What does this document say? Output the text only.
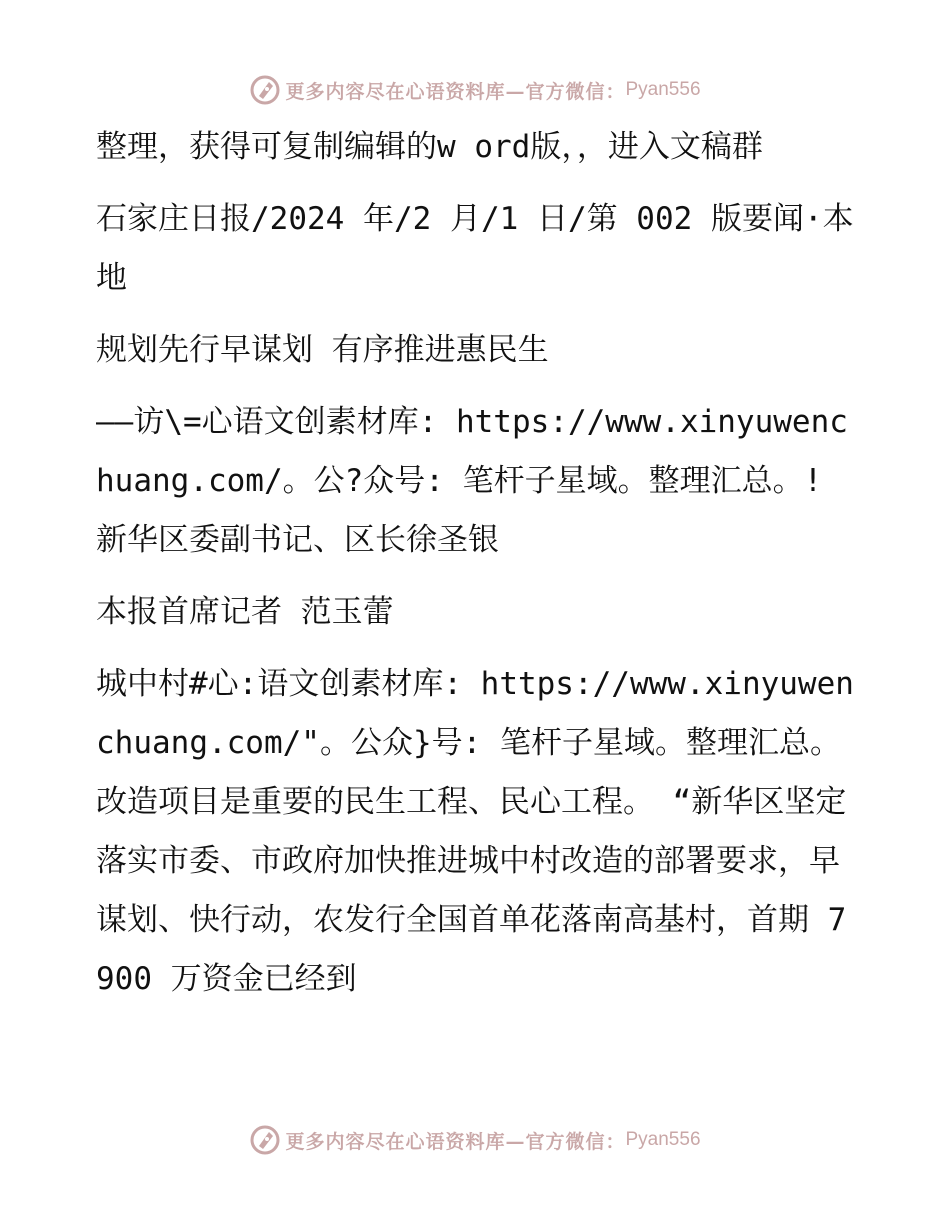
更多内容尽在心语资料库—官方微信： Pyan556

整理，获得可复制编辑的w ord版，，进入文稿群

石家庄日报/2024 年/2 月/1 日/第 002 版要闻·本地

规划先行早谋划 有序推进惠民生

——访\=心语文创素材库: https://www.xinyuwenchuang.com/。公?众号: 笔杆子星域。整理汇总。! 新华区委副书记、区长徐圣银

本报首席记者 范玉蕾

城中村#心:语文创素材库: https://www.xinyuwenchuang.com/"。公众}号: 笔杆子星域。整理汇总。改造项目是重要的民生工程、民心工程。 “新华区坚定落实市委、市政府加快推进城中村改造的部署要求，早谋划、快行动，农发行全国首单花落南高基村，首期 7900 万资金已经到

更多内容尽在心语资料库—官方微信： Pyan556
